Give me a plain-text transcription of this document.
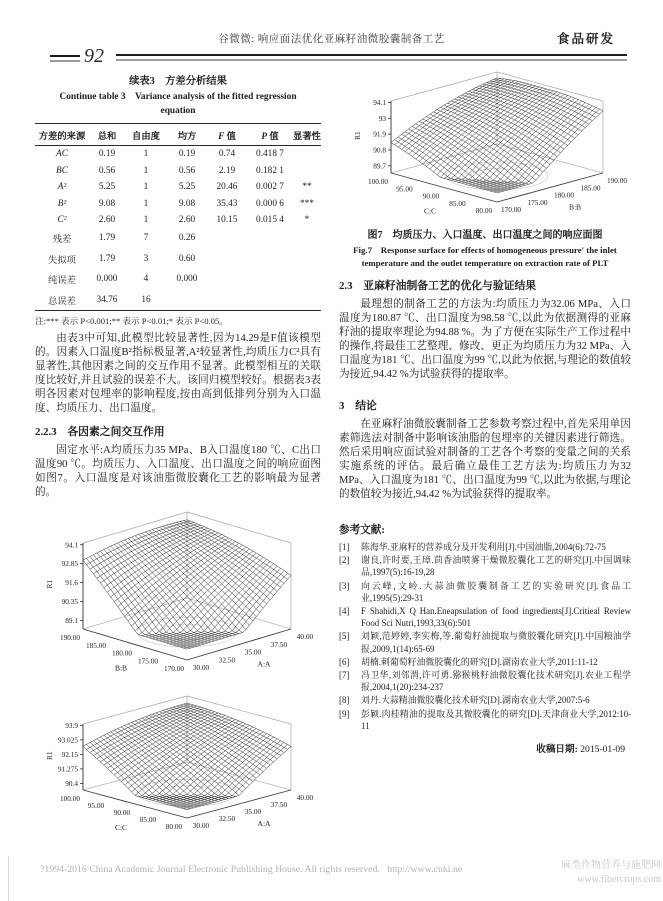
谷微微: 响应面法优化亚麻籽油微胶囊制备工艺	食品研发
92
续表3　方差分析结果
Continue table 3　Variance analysis of the fitted regression
equation
方差的来源	总和	自由度	均方	F 值	P 值	显著性
AC	0.19	1	0.19	0.74	0.418 7	
BC	0.56	1	0.56	2.19	0.182 1	
A²	5.25	1	5.25	20.46	0.002 7	**
B²	9.08	1	9.08	35.43	0.000 6	***
C²	2.60	1	2.60	10.15	0.015 4	*
残差	1.79	7	0.26			
失拟项	1.79	3	0.60			
纯误差	0.000	4	0.000			
总误差	34.76	16				
注:*** 表示 P<0.001;** 表示 P<0.01;* 表示 P<0.05。

由表3中可知,此模型比较显著性,因为14.29是F值该模型的。因素入口温度B²指标极显著,A²较显著性,均质压力C²具有显著性,其他因素之间的交互作用不显著。此模型相互的关联度比较好,并且试验的误差不大。该回归模型较好。根据表3表明各因素对包埋率的影响程度,按由高到低排列分别为入口温度、均质压力、出口温度。

2.2.3　各因素之间交互作用

固定水平:A均质压力35 MPa、B入口温度180 ℃、C出口温度90 ℃。均质压力、入口温度、出口温度之间的响应面图如图7。入口温度是对该油脂微胶囊化工艺的影响最为显著的。

89.1
90.35
91.6
92.85
94.1
R1
190.00
185.00
180.00
175.00
170.00
B:B	30.00
32.50
35.00
37.50
40.00
A:A
90.4
91.275
92.15
93.025
93.9
R1
100.00
95.00
90.00
85.00
80.00
C:C	30.00
32.50
35.00
37.50
40.00
A:A
89.7
90.8
91.9
93
94.1
R1
100.00
95.00
90.00
85.00
80.00
C:C	170.00
175.00
180.00
185.00
190.00
B:B
图7　均质压力、入口温度、出口温度之间的响应面图
Fig.7　Response surface for effects of homogeneous pressure' the inlet
temperature and the outlet temperature on extraction rate of PLT
2.3　亚麻籽油制备工艺的优化与验证结果

最理想的制备工艺的方法为:均质压力为32.06 MPa、入口温度为180.87 ℃、出口温度为98.58 ℃,以此为依据测得的亚麻籽油的提取率理论为94.88 %。为了方便在实际生产工作过程中的操作,将最佳工艺整理、修改、更正为均质压力为32 MPa、入口温度为181 ℃、出口温度为99 ℃,以此为依据,与理论的数值较为接近,94.42 %为试验获得的提取率。

3　结论

在亚麻籽油微胶囊制备工艺参数考察过程中,首先采用单因素筛选法对制备中影响该油脂的包埋率的关键因素进行筛选。然后采用响应面试验对制备的工艺各个考察的变量之间的关系实施系统的评估。最后确立最佳工艺方法为:均质压力为32 MPa、入口温度为181 ℃、出口温度为99 ℃,以此为依据,与理论的数值较为接近,94.42 %为试验获得的提取率。

参考文献:
[1]	陈海华.亚麻籽的营养成分及开发利用[J].中国油脂,2004(6):72-75
[2]	谢良,许时要,王璋.茴香油喷雾干燥微胶囊化工艺的研究[J].中国调味品,1997(5):16-19,28
[3]	向云峰,文岭.大蒜油微胶囊制备工艺的实验研究[J].食品工业,1995(5):29-31
[4]	F Shahidi,X Q Han.Eneapsulation of food ingredients[J].Critieal Review Food Sci Nutri,1993,33(6):501
[5]	刘颖,范婷婷,李实梅,等.葡萄籽油提取与微胶囊化研究[J].中国粮油学报,2009,1(14):65-69
[6]	胡楠.刺葡萄籽油微胶囊化的研究[D].湖南农业大学,2011:11-12
[7]	冯卫华,刘邻渭,许可勇.猕猴桃籽油微胶囊化技术研究[J].农业工程学报,2004,1(20):234-237
[8]	刘丹.大蒜精油微胶囊化技术研究[D].湖南农业大学,2007:5-6
[9]	彭颖.肉桂精油的提取及其微胶囊化的研究[D].天津商业大学,2012:10-11
收稿日期: 2015-01-09
?1994-2016 China Academic Journal Electronic Publishing House. All rights reserved. http://www.cnki.ne	麻类作物营养与施肥网
www.fibercrops.com
